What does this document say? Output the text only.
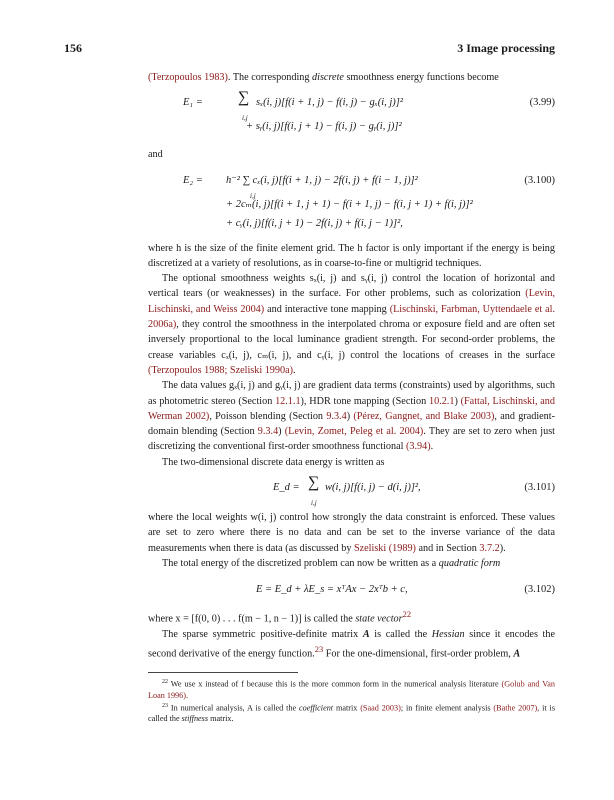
156	3 Image processing

(Terzopoulos 1983). The corresponding discrete smoothness energy functions become

E₁ = ∑
i,j
sₓ(i, j)[f(i + 1, j) − f(i, j) − gₓ(i, j)]²
+ sᵧ(i, j)[f(i, j + 1) − f(i, j) − gᵧ(i, j)]²
(3.99)

and

E₂ = h⁻² ∑ cₓ(i, j)[f(i + 1, j) − 2f(i, j) + f(i − 1, j)]²
i,j
+ 2cₘ(i, j)[f(i + 1, j + 1) − f(i + 1, j) − f(i, j + 1) + f(i, j)]²
+ cᵧ(i, j)[f(i, j + 1) − 2f(i, j) + f(i, j − 1)]²,
(3.100)

where h is the size of the finite element grid. The h factor is only important if the energy is being discretized at a variety of resolutions, as in coarse-to-fine or multigrid techniques.

The optional smoothness weights sₓ(i, j) and sᵧ(i, j) control the location of horizontal and vertical tears (or weaknesses) in the surface. For other problems, such as colorization (Levin, Lischinski, and Weiss 2004) and interactive tone mapping (Lischinski, Farbman, Uyttendaele et al. 2006a), they control the smoothness in the interpolated chroma or exposure field and are often set inversely proportional to the local luminance gradient strength. For second-order problems, the crease variables cₓ(i, j), cₘ(i, j), and cᵧ(i, j) control the locations of creases in the surface (Terzopoulos 1988; Szeliski 1990a).

The data values gₓ(i, j) and gᵧ(i, j) are gradient data terms (constraints) used by algorithms, such as photometric stereo (Section 12.1.1), HDR tone mapping (Section 10.2.1) (Fattal, Lischinski, and Werman 2002), Poisson blending (Section 9.3.4) (Pérez, Gangnet, and Blake 2003), and gradient-domain blending (Section 9.3.4) (Levin, Zomet, Peleg et al. 2004). They are set to zero when just discretizing the conventional first-order smoothness functional (3.94).

The two-dimensional discrete data energy is written as

E_d = ∑
i,j
w(i, j)[f(i, j) − d(i, j)]²,	(3.101)

where the local weights w(i, j) control how strongly the data constraint is enforced. These values are set to zero where there is no data and can be set to the inverse variance of the data measurements when there is data (as discussed by Szeliski (1989) and in Section 3.7.2).

The total energy of the discretized problem can now be written as a quadratic form

E = E_d + λE_s = xᵀAx − 2xᵀb + c,	(3.102)

where x = [f(0, 0) . . . f(m − 1, n − 1)] is called the state vector$^{22}$

The sparse symmetric positive-definite matrix A is called the Hessian since it encodes the second derivative of the energy function.$^{23}$ For the one-dimensional, first-order problem, A

$^{22}$ We use x instead of f because this is the more common form in the numerical analysis literature (Golub and Van Loan 1996).

$^{23}$ In numerical analysis, A is called the coefficient matrix (Saad 2003); in finite element analysis (Bathe 2007), it is called the stiffness matrix.
